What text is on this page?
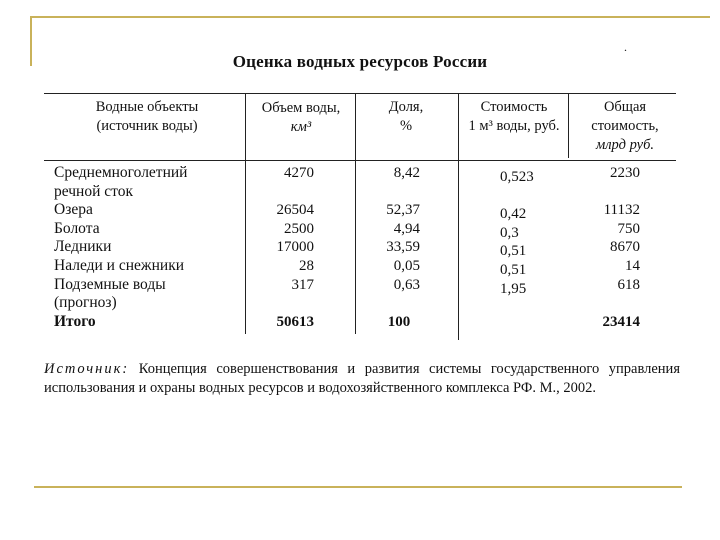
.
Оценка водных ресурсов России
Водные объекты
(источник воды)
Объем воды,
км³
Доля,
%
Стоимость
1 м³ воды, руб.
Общая
стоимость,
млрд руб.
Среднемноголетний
речной сток
Озера
Болота
Ледники
Наледи и снежники
Подземные воды
(прогноз)
Итого
4270
26504
2500
17000
28
317
50613
8,42
52,37
4,94
33,59
0,05
0,63
100
0,523
0,42
0,3
0,51
0,51
1,95
2230
11132
750
8670
14
618
23414
Источник: Концепция совершенствования и развития системы государственного управления использования и охраны водных ресурсов и водохозяйственного комплекса РФ. М., 2002.
